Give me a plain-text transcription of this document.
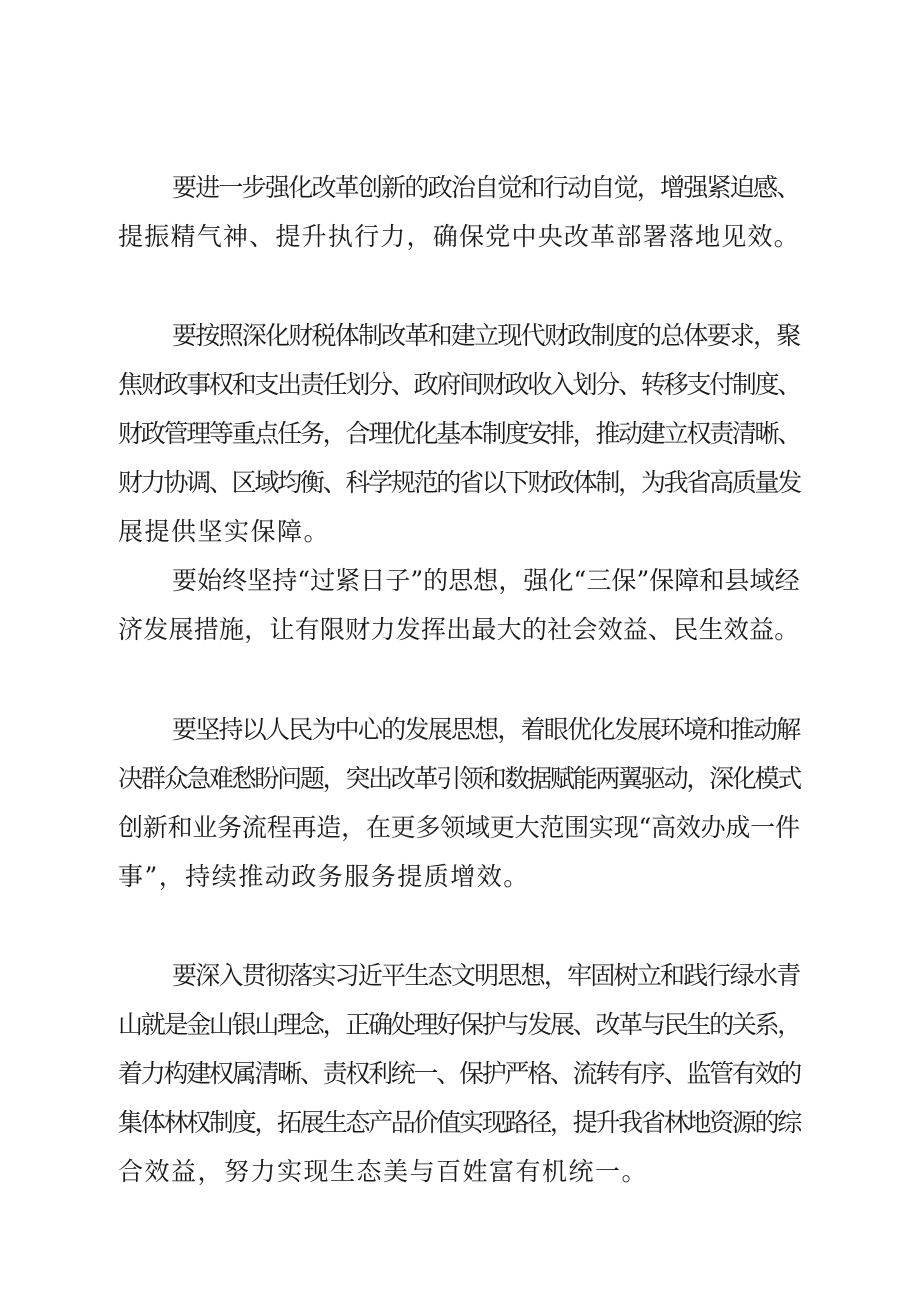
要进一步强化改革创新的政治自觉和行动自觉，增强紧迫感、
提振精气神、提升执行力，确保党中央改革部署落地见效。
要按照深化财税体制改革和建立现代财政制度的总体要求，聚
焦财政事权和支出责任划分、政府间财政收入划分、转移支付制度、
财政管理等重点任务，合理优化基本制度安排，推动建立权责清晰、
财力协调、区域均衡、科学规范的省以下财政体制，为我省高质量发
展提供坚实保障。
要始终坚持“过紧日子”的思想，强化“三保”保障和县域经
济发展措施，让有限财力发挥出最大的社会效益、民生效益。
要坚持以人民为中心的发展思想，着眼优化发展环境和推动解
决群众急难愁盼问题，突出改革引领和数据赋能两翼驱动，深化模式
创新和业务流程再造，在更多领域更大范围实现“高效办成一件
事”，持续推动政务服务提质增效。
要深入贯彻落实习近平生态文明思想，牢固树立和践行绿水青
山就是金山银山理念，正确处理好保护与发展、改革与民生的关系，
着力构建权属清晰、责权利统一、保护严格、流转有序、监管有效的
集体林权制度，拓展生态产品价值实现路径，提升我省林地资源的综
合效益，努力实现生态美与百姓富有机统一。
